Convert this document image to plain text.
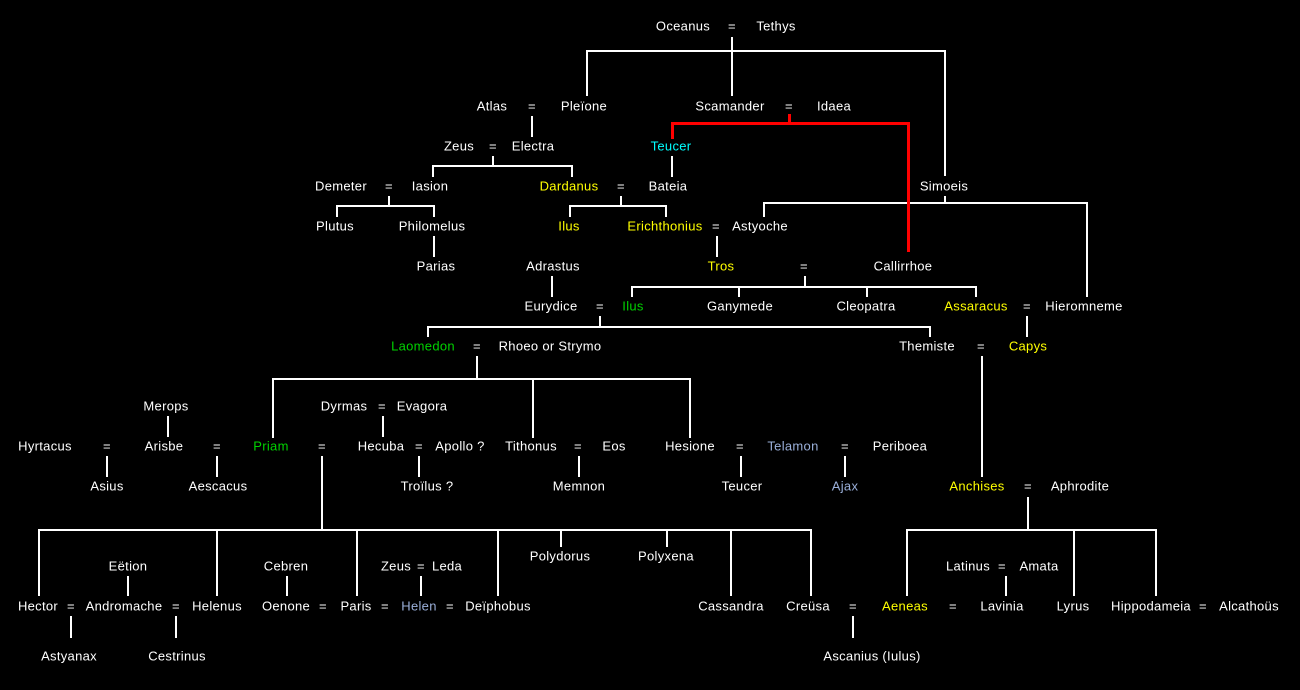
Oceanus = Tethys
Atlas = Pleïone	Scamander = Idaea
Zeus = Electra	Teucer
Demeter = Iasion	Dardanus = Bateia	Simoeis
Plutus	Philomelus	Ilus	Erichthonius = Astyoche
Parias	Adrastus	Tros	=	Callirrhoe
Eurydice = Ilus	Ganymede	Cleopatra	Assaracus = Hieromneme
Laomedon = Rhoeo or Strymo	Themiste = Capys
Merops	Dyrmas = Evagora
Hyrtacus =	Arisbe = Priam = Hecuba = Apollo ? Tithonus = Eos	Hesione = Telamon = Periboea
Asius	Aescacus	Troïlus ?	Memnon	Teucer	Ajax	Anchises = Aphrodite
Polydorus	Polyxena
Eëtion	Cebren	Zeus = Leda	Latinus = Amata
Hector = Andromache = Helenus Oenone = Paris = Helen = Deïphobus	Cassandra Creüsa = Aeneas = Lavinia	Lyrus Hippodameia = Alcathoüs
Astyanax	Cestrinus	Ascanius (Iulus)
